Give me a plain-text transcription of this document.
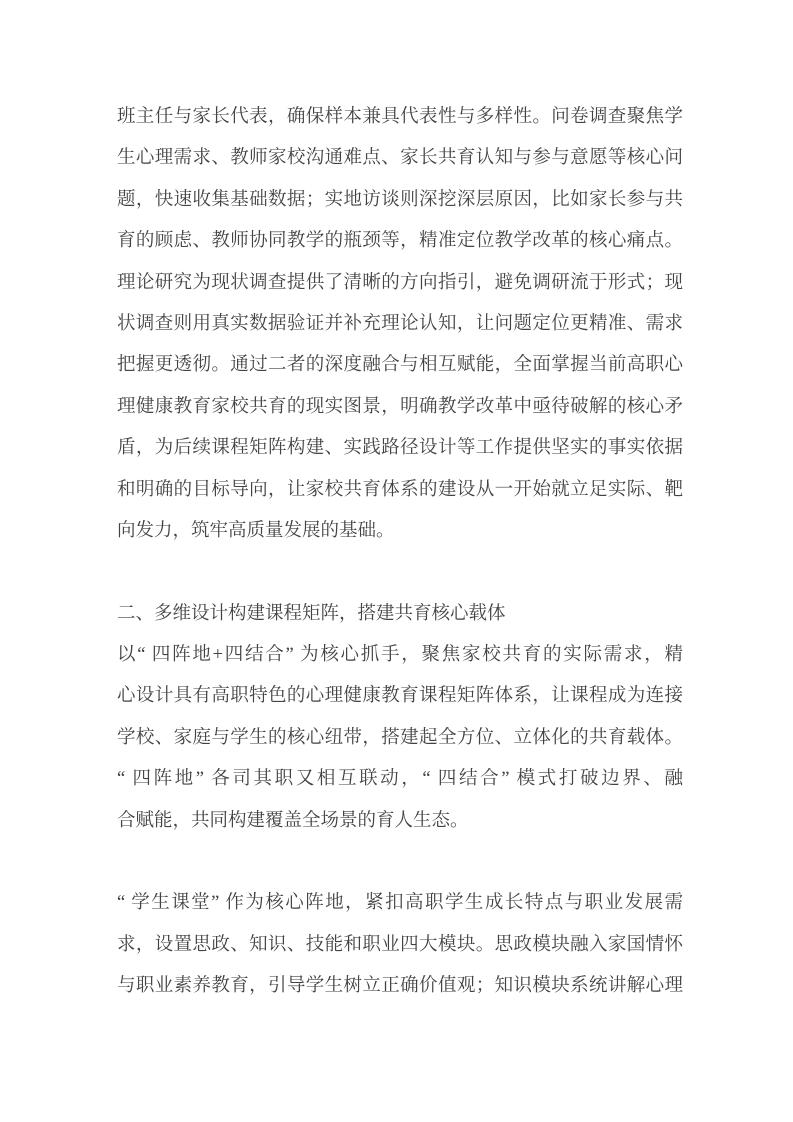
班主任与家长代表，确保样本兼具代表性与多样性。问卷调查聚焦学
生心理需求、教师家校沟通难点、家长共育认知与参与意愿等核心问
题，快速收集基础数据；实地访谈则深挖深层原因，比如家长参与共
育的顾虑、教师协同教学的瓶颈等，精准定位教学改革的核心痛点。
理论研究为现状调查提供了清晰的方向指引，避免调研流于形式；现
状调查则用真实数据验证并补充理论认知，让问题定位更精准、需求
把握更透彻。通过二者的深度融合与相互赋能，全面掌握当前高职心
理健康教育家校共育的现实图景，明确教学改革中亟待破解的核心矛
盾，为后续课程矩阵构建、实践路径设计等工作提供坚实的事实依据
和明确的目标导向，让家校共育体系的建设从一开始就立足实际、靶
向发力，筑牢高质量发展的基础。
二、多维设计构建课程矩阵，搭建共育核心载体
以“ 四阵地+四结合” 为核心抓手，聚焦家校共育的实际需求，精
心设计具有高职特色的心理健康教育课程矩阵体系，让课程成为连接
学校、家庭与学生的核心纽带，搭建起全方位、立体化的共育载体。
“ 四阵地” 各司其职又相互联动，“ 四结合” 模式打破边界、融
合赋能，共同构建覆盖全场景的育人生态。
“ 学生课堂” 作为核心阵地，紧扣高职学生成长特点与职业发展需
求，设置思政、知识、技能和职业四大模块。思政模块融入家国情怀
与职业素养教育，引导学生树立正确价值观；知识模块系统讲解心理
